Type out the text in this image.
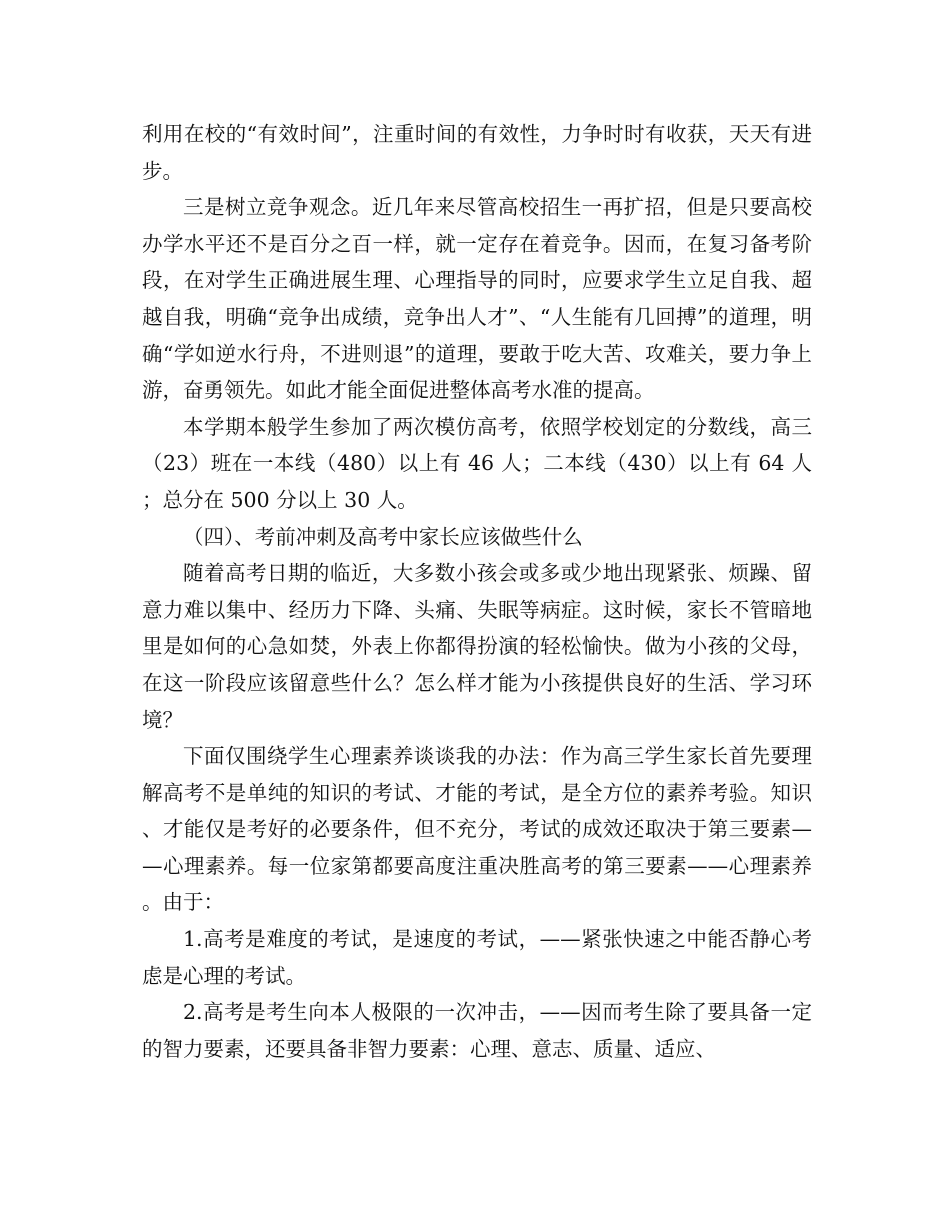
利用在校的“有效时间”，注重时间的有效性，力争时时有收获，天天有进步。

三是树立竞争观念。近几年来尽管高校招生一再扩招，但是只要高校办学水平还不是百分之百一样，就一定存在着竞争。因而，在复习备考阶段，在对学生正确进展生理、心理指导的同时，应要求学生立足自我、超越自我，明确“竞争出成绩，竞争出人才”、“人生能有几回搏”的道理，明确“学如逆水行舟，不进则退”的道理，要敢于吃大苦、攻难关，要力争上游，奋勇领先。如此才能全面促进整体高考水准的提高。

本学期本般学生参加了两次模仿高考，依照学校划定的分数线，高三（23）班在一本线（480）以上有 46 人；二本线（430）以上有 64 人；总分在 500 分以上 30 人。

（四）、考前冲刺及高考中家长应该做些什么

随着高考日期的临近，大多数小孩会或多或少地出现紧张、烦躁、留意力难以集中、经历力下降、头痛、失眠等病症。这时候，家长不管暗地里是如何的心急如焚，外表上你都得扮演的轻松愉快。做为小孩的父母，在这一阶段应该留意些什么？怎么样才能为小孩提供良好的生活、学习环境？

下面仅围绕学生心理素养谈谈我的办法：作为高三学生家长首先要理解高考不是单纯的知识的考试、才能的考试，是全方位的素养考验。知识、才能仅是考好的必要条件，但不充分，考试的成效还取决于第三要素——心理素养。每一位家第都要高度注重决胜高考的第三要素——心理素养。由于：

1.高考是难度的考试，是速度的考试，——紧张快速之中能否静心考虑是心理的考试。

2.高考是考生向本人极限的一次冲击，——因而考生除了要具备一定的智力要素，还要具备非智力要素：心理、意志、质量、适应、
